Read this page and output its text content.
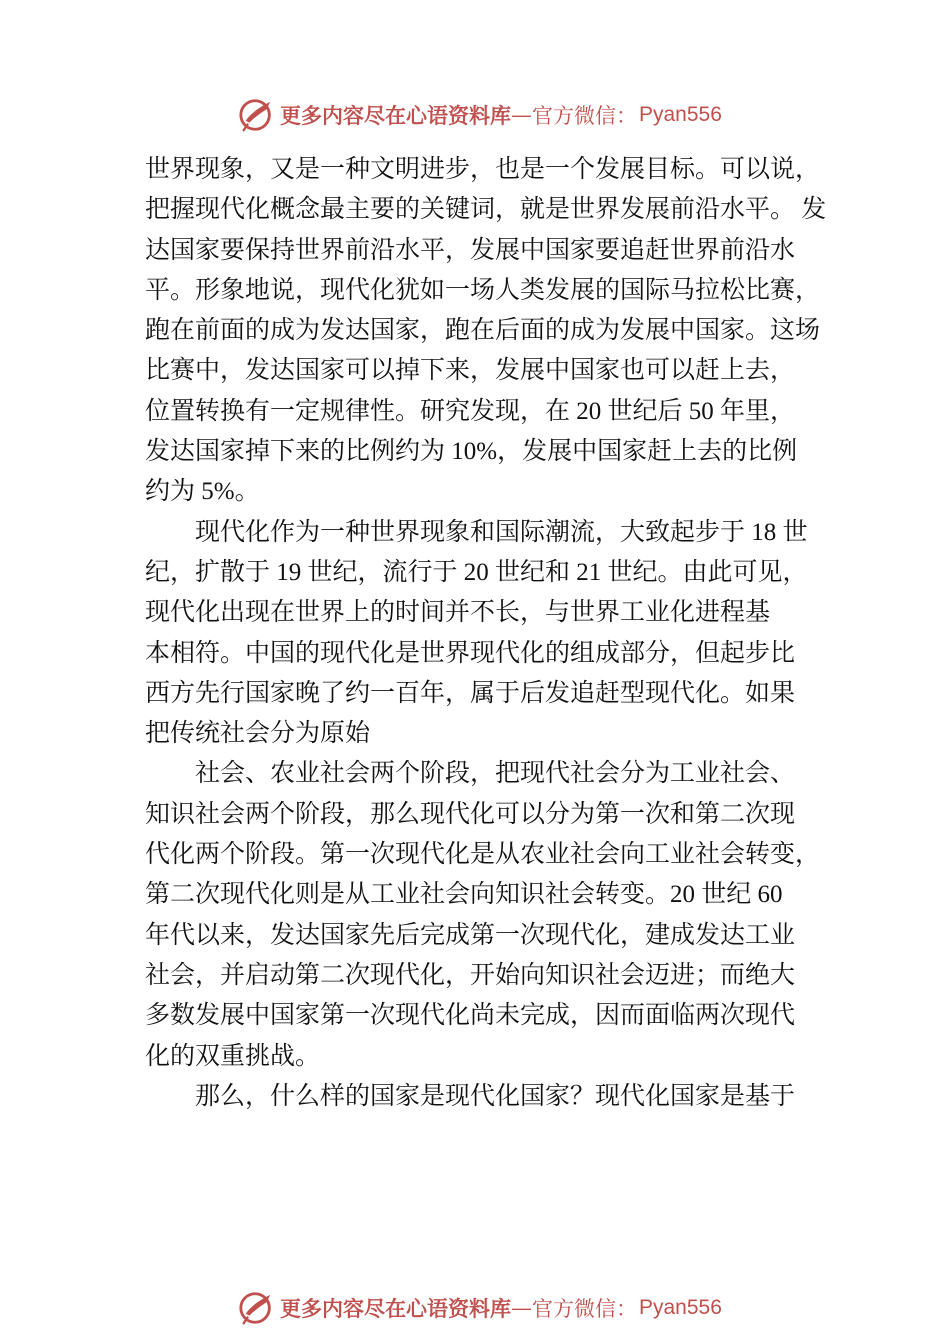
更多内容尽在心语资料库 — 官方微信： Pyan556
世界现象，又是一种文明进步，也是一个发展目标。可以说，
把握现代化概念最主要的关键词，就是世界发展前沿水平。 发
达国家要保持世界前沿水平，发展中国家要追赶世界前沿水
平。形象地说，现代化犹如一场人类发展的国际马拉松比赛，
跑在前面的成为发达国家，跑在后面的成为发展中国家。这场
比赛中，发达国家可以掉下来，发展中国家也可以赶上去，
位置转换有一定规律性。研究发现，在 20 世纪后 50 年里，
发达国家掉下来的比例约为 10%，发展中国家赶上去的比例
约为 5%。
现代化作为一种世界现象和国际潮流，大致起步于 18 世
纪，扩散于 19 世纪，流行于 20 世纪和 21 世纪。由此可见，
现代化出现在世界上的时间并不长，与世界工业化进程基
本相符。中国的现代化是世界现代化的组成部分，但起步比
西方先行国家晚了约一百年，属于后发追赶型现代化。如果
把传统社会分为原始
社会、农业社会两个阶段，把现代社会分为工业社会、
知识社会两个阶段，那么现代化可以分为第一次和第二次现
代化两个阶段。第一次现代化是从农业社会向工业社会转变，
第二次现代化则是从工业社会向知识社会转变。20 世纪 60
年代以来，发达国家先后完成第一次现代化，建成发达工业
社会，并启动第二次现代化，开始向知识社会迈进；而绝大
多数发展中国家第一次现代化尚未完成，因而面临两次现代
化的双重挑战。
那么，什么样的国家是现代化国家？现代化国家是基于
更多内容尽在心语资料库 — 官方微信： Pyan556
